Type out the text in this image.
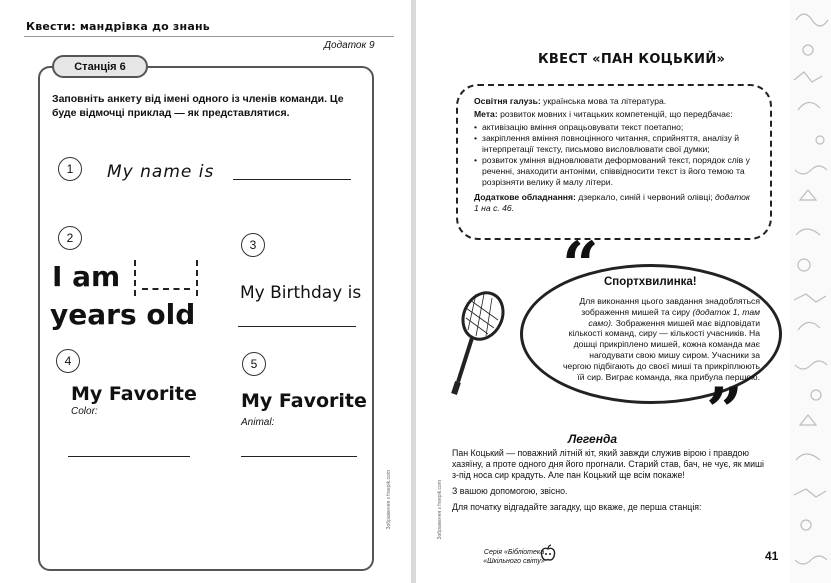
Квести: мандрівка до знань
Додаток 9
Станція 6
Заповніть анкету від імені одного із членів команди. Це буде відмочці приклад — як представлятися.
1	My name is
2
I am
years old
3
My Birthday is
4
My Favorite
Color:
5
My Favorite
Animal:
Зображення з freepik.com
КВЕСТ «ПАН КОЦЬКИЙ»

Освітня галузь: українська мова та література.

Мета: розвиток мовних і читацьких компетенцій, що передбачає:

• активізацію вміння опрацьовувати текст поетапно;
• закріплення вміння повноцінного читання, сприйняття, аналізу й інтерпретації тексту, письмово висловлювати свої думки;
• розвиток уміння відновлювати деформований текст, порядок слів у реченні, знаходити антоніми, співвідносити текст із його темою та розрізняти велику й малу літери.

Додаткове обладнання: дзеркало, синій і червоний олівці; додаток 1 на с. 46.

“
”
Спортхвилинка!
Для виконання цього завдання знадобляться зображення мишей та сиру (додаток 1, там само). Зображення мишей має відповідати кількості команд, сиру — кількості учасників. На дошці прикріплено мишей, кожна команда має нагодувати свою мишу сиром. Учасники за чергою підбігають до своєї миші та прикріплюють їй сир. Виграє команда, яка прибула першою.
Легенда

Пан Коцький — поважний літній кіт, який завжди служив вірою і правдою хазяїну, а проте одного дня його прогнали. Старий став, бач, не чує, як миші з-під носа сир крадуть. Але пан Коцький ще всім покаже!

З вашою допомогою, звісно.

Для початку відгадайте загадку, що вкаже, де перша станція:

Зображення з freepik.com
Серія «Бібліотека «Шкільного світу»	41
